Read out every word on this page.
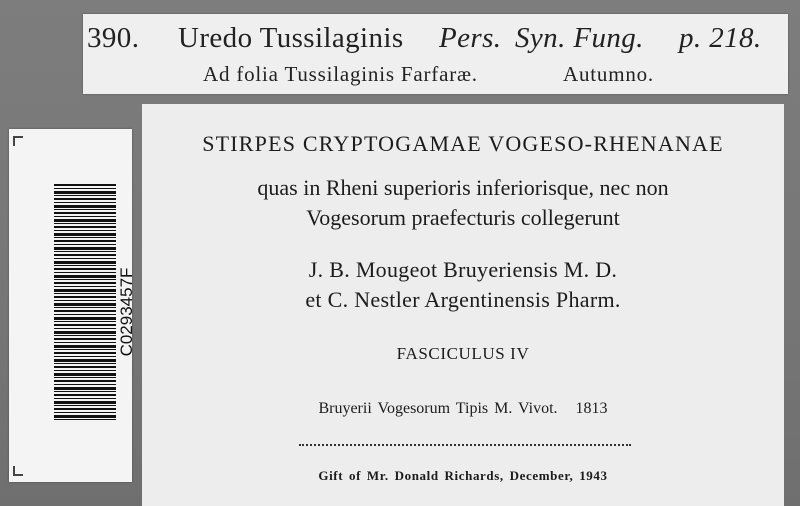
390. Uredo Tussilaginis Pers. Syn. Fung. p. 218.
Ad folia Tussilaginis Farfaræ.	Autumno.
C0293457F
STIRPES CRYPTOGAMAE VOGESO-RHENANAE
quas in Rheni superioris inferiorisque, nec non
Vogesorum praefecturis collegerunt
J. B. Mougeot Bruyeriensis M. D.
et C. Nestler Argentinensis Pharm.
FASCICULUS IV
Bruyerii Vogesorum Tipis M. Vivot. 1813
Gift of Mr. Donald Richards, December, 1943
